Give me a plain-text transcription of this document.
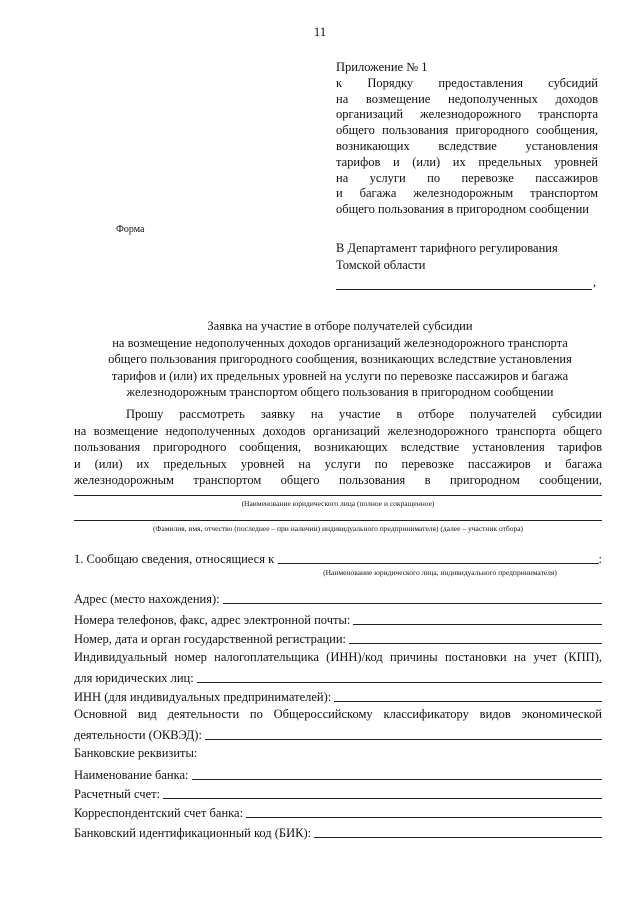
11
Приложение № 1
к Порядку предоставления субсидий
на возмещение недополученных доходов
организаций железнодорожного транспорта
общего пользования пригородного сообщения,
возникающих вследствие установления
тарифов и (или) их предельных уровней
на услуги по перевозке пассажиров
и багажа железнодорожным транспортом
общего пользования в пригородном сообщении
Форма
В Департамент тарифного регулирования
Томской области
,
Заявка на участие в отборе получателей субсидии
на возмещение недополученных доходов организаций железнодорожного транспорта
общего пользования пригородного сообщения, возникающих вследствие установления
тарифов и (или) их предельных уровней на услуги по перевозке пассажиров и багажа
железнодорожным транспортом общего пользования в пригородном сообщении
Прошу рассмотреть заявку на участие в отборе получателей субсидии
на возмещение недополученных доходов организаций железнодорожного транспорта общего
пользования пригородного сообщения, возникающих вследствие установления тарифов
и (или) их предельных уровней на услуги по перевозке пассажиров и багажа
железнодорожным транспортом общего пользования в пригородном сообщении,
(Наименование юридического лица (полное и сокращенное)
(Фамилия, имя, отчество (последнее – при наличии) индивидуального предпринимателя) (далее – участник отбора)
1. Сообщаю сведения, относящиеся к	:
(Наименование юридического лица, индивидуального предпринимателя)
Адрес (место нахождения):
Номера телефонов, факс, адрес электронной почты:
Номер, дата и орган государственной регистрации:
Индивидуальный номер налогоплательщика (ИНН)/код причины постановки на учет (КПП),
для юридических лиц:
ИНН (для индивидуальных предпринимателей):
Основной вид деятельности по Общероссийскому классификатору видов экономической
деятельности (ОКВЭД):
Банковские реквизиты:
Наименование банка:
Расчетный счет:
Корреспондентский счет банка:
Банковский идентификационный код (БИК):
